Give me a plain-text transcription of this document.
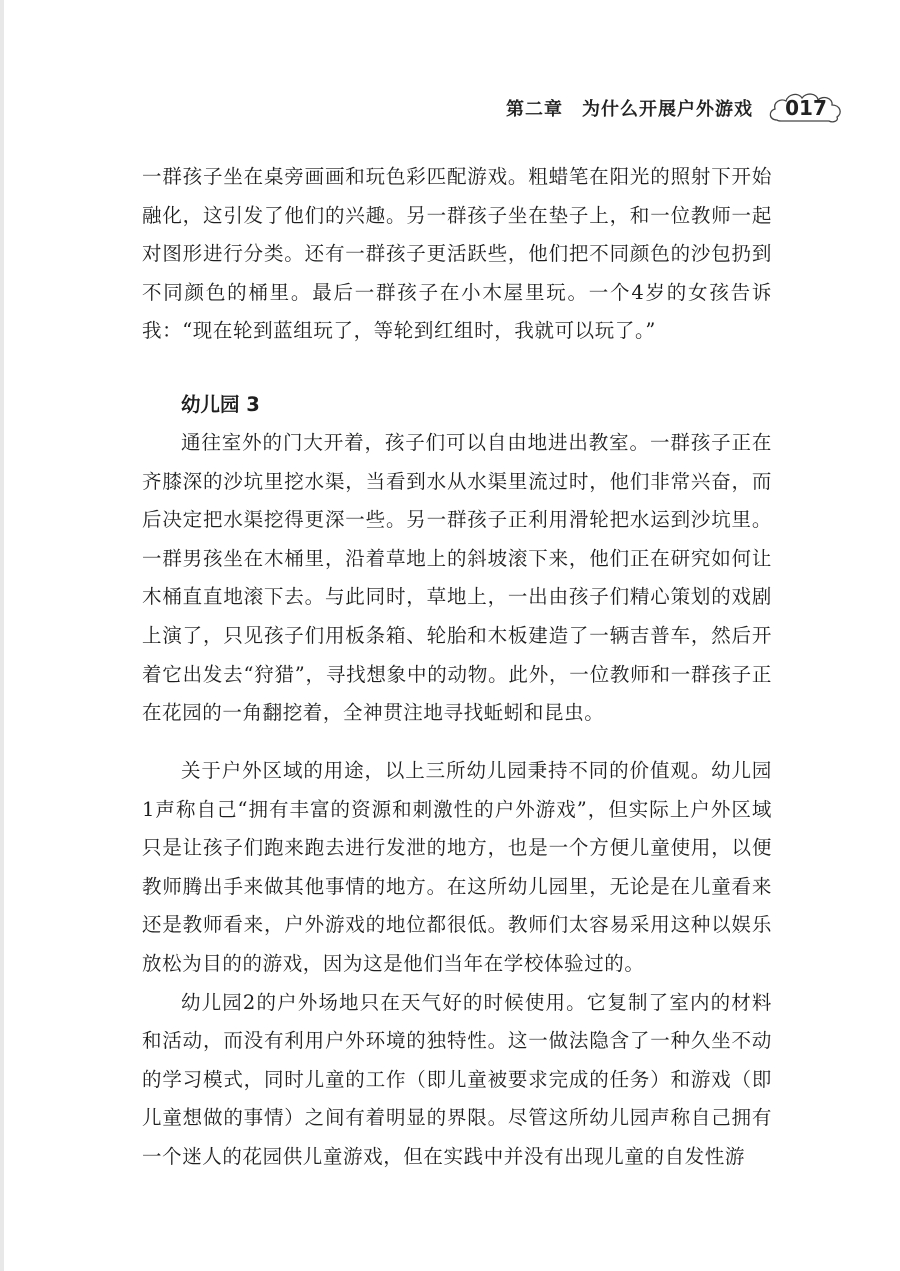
第二章　为什么开展户外游戏	017

一群孩子坐在桌旁画画和玩色彩匹配游戏。粗蜡笔在阳光的照射下开始融化，这引发了他们的兴趣。另一群孩子坐在垫子上，和一位教师一起对图形进行分类。还有一群孩子更活跃些，他们把不同颜色的沙包扔到不同颜色的桶里。最后一群孩子在小木屋里玩。一个4岁的女孩告诉我：“现在轮到蓝组玩了，等轮到红组时，我就可以玩了。”

幼儿园 3

通往室外的门大开着，孩子们可以自由地进出教室。一群孩子正在齐膝深的沙坑里挖水渠，当看到水从水渠里流过时，他们非常兴奋，而后决定把水渠挖得更深一些。另一群孩子正利用滑轮把水运到沙坑里。一群男孩坐在木桶里，沿着草地上的斜坡滚下来，他们正在研究如何让木桶直直地滚下去。与此同时，草地上，一出由孩子们精心策划的戏剧上演了，只见孩子们用板条箱、轮胎和木板建造了一辆吉普车，然后开着它出发去“狩猎”，寻找想象中的动物。此外，一位教师和一群孩子正在花园的一角翻挖着，全神贯注地寻找蚯蚓和昆虫。

关于户外区域的用途，以上三所幼儿园秉持不同的价值观。幼儿园1声称自己“拥有丰富的资源和刺激性的户外游戏”，但实际上户外区域只是让孩子们跑来跑去进行发泄的地方，也是一个方便儿童使用，以便教师腾出手来做其他事情的地方。在这所幼儿园里，无论是在儿童看来还是教师看来，户外游戏的地位都很低。教师们太容易采用这种以娱乐放松为目的的游戏，因为这是他们当年在学校体验过的。

幼儿园2的户外场地只在天气好的时候使用。它复制了室内的材料和活动，而没有利用户外环境的独特性。这一做法隐含了一种久坐不动的学习模式，同时儿童的工作（即儿童被要求完成的任务）和游戏（即儿童想做的事情）之间有着明显的界限。尽管这所幼儿园声称自己拥有一个迷人的花园供儿童游戏，但在实践中并没有出现儿童的自发性游
